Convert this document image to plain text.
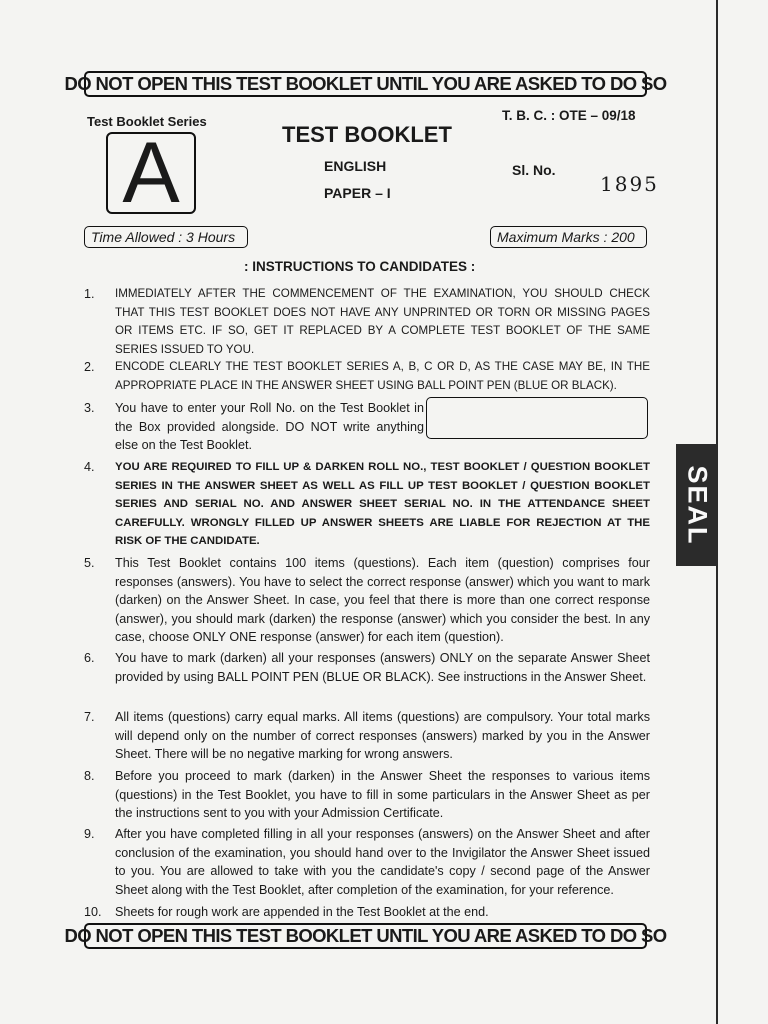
DO NOT OPEN THIS TEST BOOKLET UNTIL YOU ARE ASKED TO DO SO
Test Booklet Series
A	TEST BOOKLET
ENGLISH
PAPER – I
T. B. C. : OTE – 09/18
Sl. No.
1895
Time Allowed : 3 Hours	Maximum Marks : 200
: INSTRUCTIONS TO CANDIDATES :
1.	IMMEDIATELY AFTER THE COMMENCEMENT OF THE EXAMINATION, YOU SHOULD CHECK THAT THIS TEST BOOKLET DOES NOT HAVE ANY UNPRINTED OR TORN OR MISSING PAGES OR ITEMS ETC. IF SO, GET IT REPLACED BY A COMPLETE TEST BOOKLET OF THE SAME SERIES ISSUED TO YOU.
2.	ENCODE CLEARLY THE TEST BOOKLET SERIES A, B, C OR D, AS THE CASE MAY BE, IN THE APPROPRIATE PLACE IN THE ANSWER SHEET USING BALL POINT PEN (BLUE OR BLACK).
3.	You have to enter your Roll No. on the Test Booklet in the Box provided alongside. DO NOT write anything else on the Test Booklet.
4.	YOU ARE REQUIRED TO FILL UP & DARKEN ROLL NO., TEST BOOKLET / QUESTION BOOKLET SERIES IN THE ANSWER SHEET AS WELL AS FILL UP TEST BOOKLET / QUESTION BOOKLET SERIES AND SERIAL NO. AND ANSWER SHEET SERIAL NO. IN THE ATTENDANCE SHEET CAREFULLY. WRONGLY FILLED UP ANSWER SHEETS ARE LIABLE FOR REJECTION AT THE RISK OF THE CANDIDATE.
5.	This Test Booklet contains 100 items (questions). Each item (question) comprises four responses (answers). You have to select the correct response (answer) which you want to mark (darken) on the Answer Sheet. In case, you feel that there is more than one correct response (answer), you should mark (darken) the response (answer) which you consider the best. In any case, choose ONLY ONE response (answer) for each item (question).
6.	You have to mark (darken) all your responses (answers) ONLY on the separate Answer Sheet provided by using BALL POINT PEN (BLUE OR BLACK). See instructions in the Answer Sheet.
7.	All items (questions) carry equal marks. All items (questions) are compulsory. Your total marks will depend only on the number of correct responses (answers) marked by you in the Answer Sheet. There will be no negative marking for wrong answers.
8.	Before you proceed to mark (darken) in the Answer Sheet the responses to various items (questions) in the Test Booklet, you have to fill in some particulars in the Answer Sheet as per the instructions sent to you with your Admission Certificate.
9.	After you have completed filling in all your responses (answers) on the Answer Sheet and after conclusion of the examination, you should hand over to the Invigilator the Answer Sheet issued to you. You are allowed to take with you the candidate's copy / second page of the Answer Sheet along with the Test Booklet, after completion of the examination, for your reference.
10.	Sheets for rough work are appended in the Test Booklet at the end.
DO NOT OPEN THIS TEST BOOKLET UNTIL YOU ARE ASKED TO DO SO
SEAL
